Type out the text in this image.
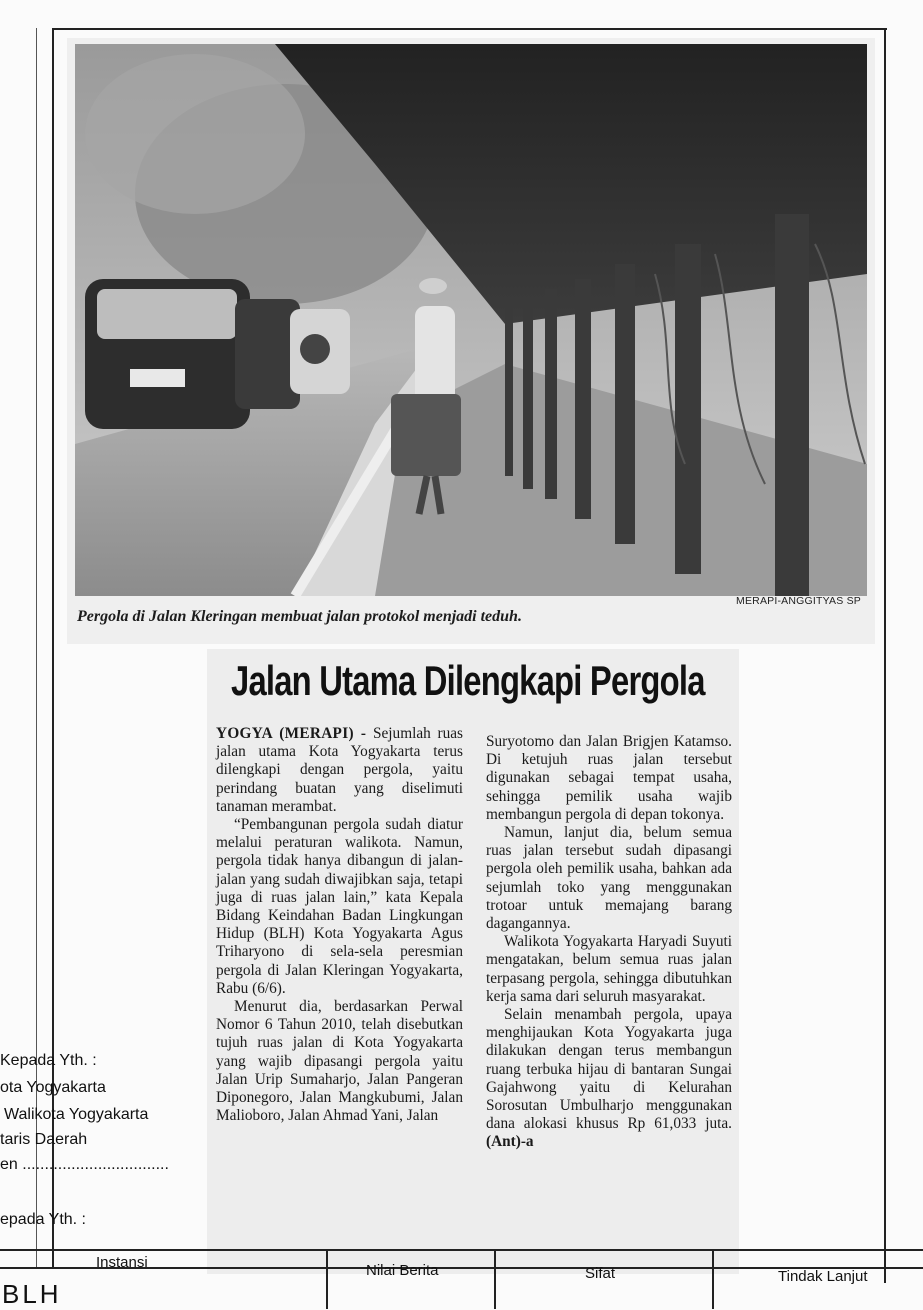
MERAPI-ANGGITYAS SP
Pergola di Jalan Kleringan membuat jalan protokol menjadi teduh.
Jalan Utama Dilengkapi Pergola

YOGYA (MERAPI) - Sejumlah ruas jalan utama Kota Yogyakarta terus dilengkapi dengan pergola, yaitu perindang buatan yang diselimuti tanaman merambat.

“Pembangunan pergola sudah diatur melalui peraturan walikota. Namun, pergola tidak hanya dibangun di jalan-jalan yang sudah diwajibkan saja, tetapi juga di ruas jalan lain,” kata Kepala Bidang Keindahan Badan Lingkungan Hidup (BLH) Kota Yogyakarta Agus Triharyono di sela-sela peresmian pergola di Jalan Kleringan Yogyakarta, Rabu (6/6).

Menurut dia, berdasarkan Perwal Nomor 6 Tahun 2010, telah disebutkan tujuh ruas jalan di Kota Yogyakarta yang wajib dipasangi pergola yaitu Jalan Urip Sumaharjo, Jalan Pangeran Diponegoro, Jalan Mangkubumi, Jalan Malioboro, Jalan Ahmad Yani, Jalan

Suryotomo dan Jalan Brigjen Katamso. Di ketujuh ruas jalan tersebut digunakan sebagai tempat usaha, sehingga pemilik usaha wajib membangun pergola di depan tokonya.

Namun, lanjut dia, belum semua ruas jalan tersebut sudah dipasangi pergola oleh pemilik usaha, bahkan ada sejumlah toko yang menggunakan trotoar untuk memajang barang dagangannya.

Walikota Yogyakarta Haryadi Suyuti mengatakan, belum semua ruas jalan terpasang pergola, sehingga dibutuhkan kerja sama dari seluruh masyarakat.

Selain menambah pergola, upaya menghijaukan Kota Yogyakarta juga dilakukan dengan terus membangun ruang terbuka hijau di bantaran Sungai Gajahwong yaitu di Kelurahan Sorosutan Umbulharjo menggunakan dana alokasi khusus Rp 61,033 juta. (Ant)-a

Kepada Yth. :
ota Yogyakarta
Walikota Yogyakarta
taris Daerah
en .................................
epada Yth. :
Instansi	Nilai Berita	Sifat	Tindak Lanjut
BLH
